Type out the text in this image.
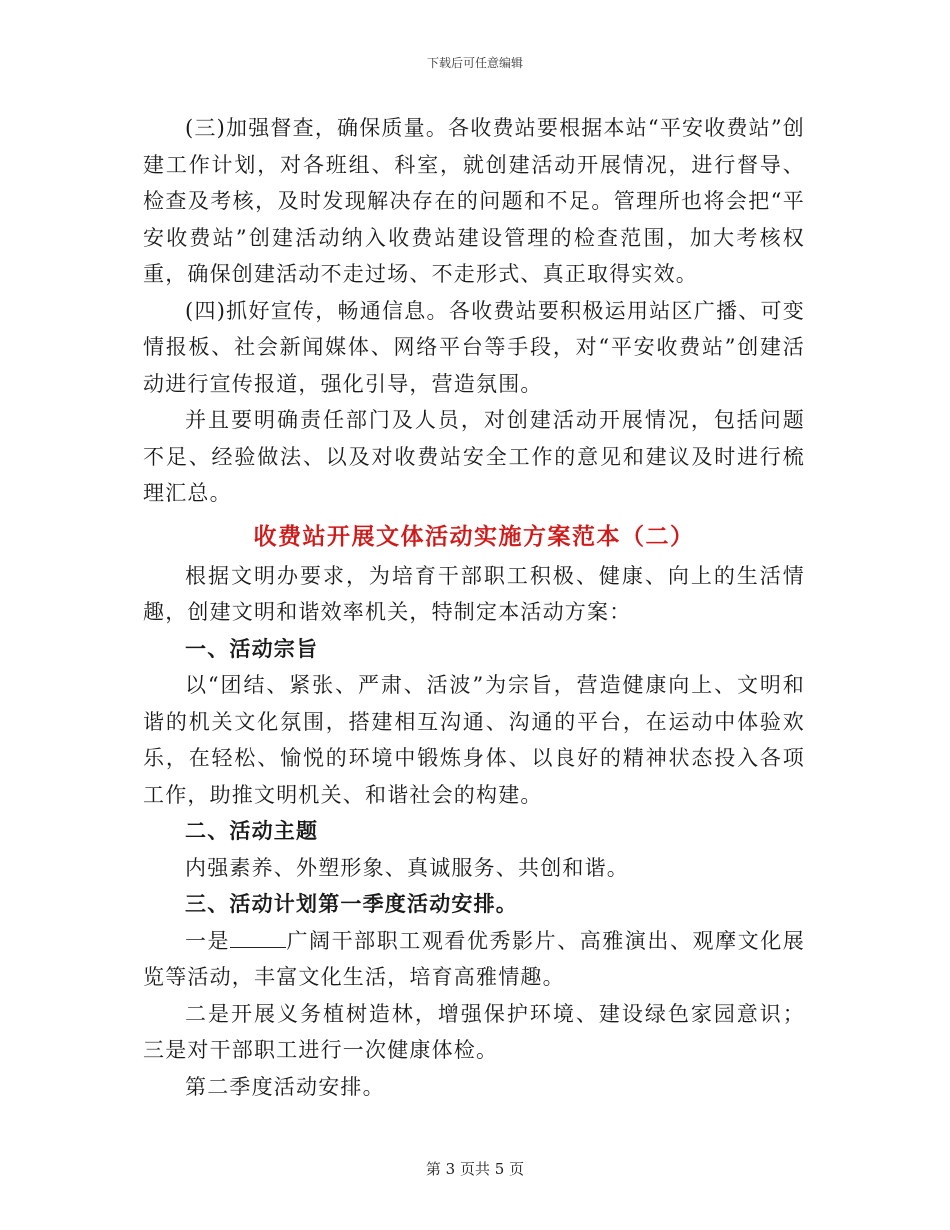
下载后可任意编辑

(三)加强督查，确保质量。各收费站要根据本站“平安收费站”创建工作计划，对各班组、科室，就创建活动开展情况，进行督导、检查及考核，及时发现解决存在的问题和不足。管理所也将会把“平安收费站”创建活动纳入收费站建设管理的检查范围，加大考核权重，确保创建活动不走过场、不走形式、真正取得实效。

(四)抓好宣传，畅通信息。各收费站要积极运用站区广播、可变情报板、社会新闻媒体、网络平台等手段，对“平安收费站”创建活动进行宣传报道，强化引导，营造氛围。

并且要明确责任部门及人员，对创建活动开展情况，包括问题不足、经验做法、以及对收费站安全工作的意见和建议及时进行梳理汇总。

收费站开展文体活动实施方案范本（二）

根据文明办要求，为培育干部职工积极、健康、向上的生活情趣，创建文明和谐效率机关，特制定本活动方案：

一、活动宗旨

以“团结、紧张、严肃、活波”为宗旨，营造健康向上、文明和谐的机关文化氛围，搭建相互沟通、沟通的平台，在运动中体验欢乐，在轻松、愉悦的环境中锻炼身体、以良好的精神状态投入各项工作，助推文明机关、和谐社会的构建。

二、活动主题

内强素养、外塑形象、真诚服务、共创和谐。

三、活动计划第一季度活动安排。

一是	广阔干部职工观看优秀影片、高雅演出、观摩文化展览等活动，丰富文化生活，培育高雅情趣。

二是开展义务植树造林，增强保护环境、建设绿色家园意识；三是对干部职工进行一次健康体检。

第二季度活动安排。

第 3 页共 5 页
